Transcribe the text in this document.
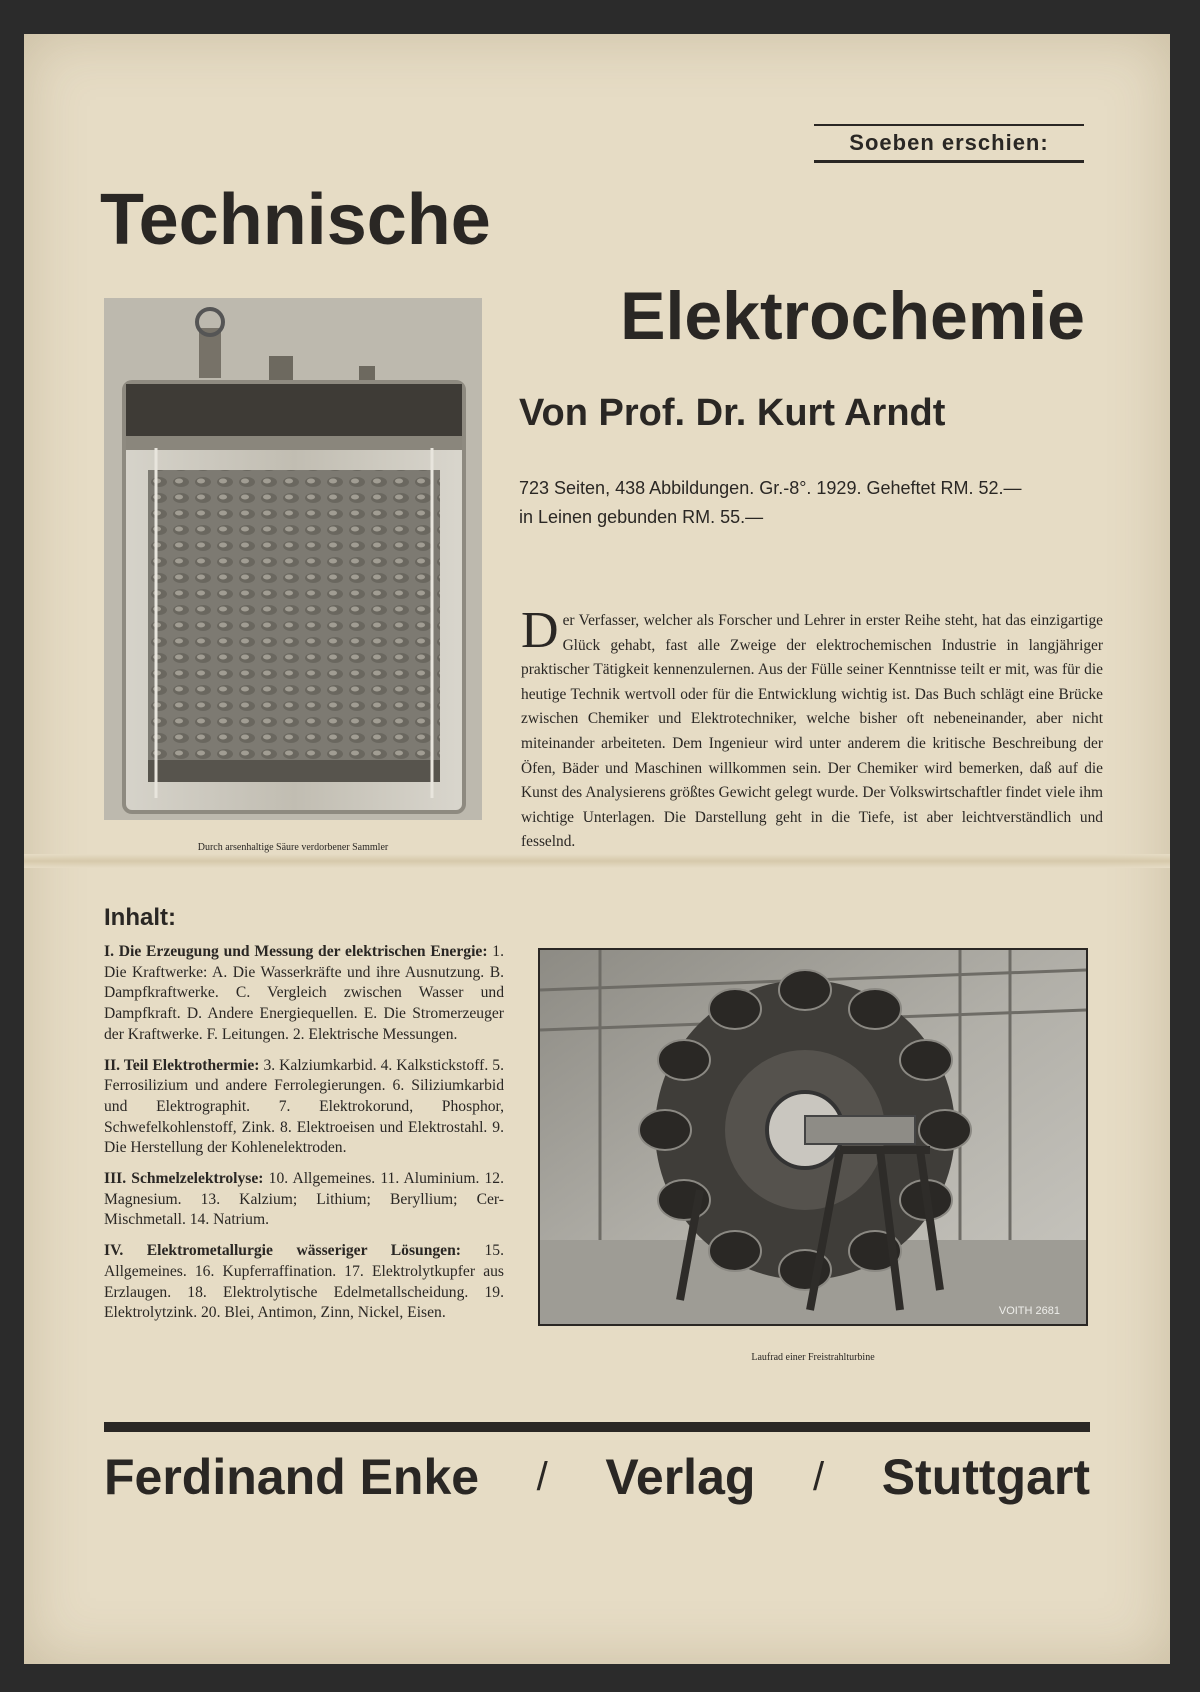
Soeben erschien:
Technische
Elektrochemie
Von Prof. Dr. Kurt Arndt
723 Seiten, 438 Abbildungen. Gr.-8°. 1929. Geheftet RM. 52.—
in Leinen gebunden RM. 55.—
Der Verfasser, welcher als Forscher und Lehrer in erster Reihe steht, hat das einzigartige Glück gehabt, fast alle Zweige der elektrochemischen Industrie in langjähriger praktischer Tätigkeit kennenzulernen. Aus der Fülle seiner Kenntnisse teilt er mit, was für die heutige Technik wertvoll oder für die Entwicklung wichtig ist. Das Buch schlägt eine Brücke zwischen Chemiker und Elektrotechniker, welche bisher oft nebeneinander, aber nicht miteinander arbeiteten. Dem Ingenieur wird unter anderem die kritische Beschreibung der Öfen, Bäder und Maschinen willkommen sein. Der Chemiker wird bemerken, daß auf die Kunst des Analysierens größtes Gewicht gelegt wurde. Der Volkswirtschaftler findet viele ihm wichtige Unterlagen. Die Darstellung geht in die Tiefe, ist aber leichtverständlich und fesselnd.
Durch arsenhaltige Säure verdorbener Sammler
Inhalt:

I. Die Erzeugung und Messung der elektrischen Energie: 1. Die Kraftwerke: A. Die Wasserkräfte und ihre Ausnutzung. B. Dampfkraftwerke. C. Vergleich zwischen Wasser und Dampfkraft. D. Andere Energiequellen. E. Die Stromerzeuger der Kraftwerke. F. Leitungen. 2. Elektrische Messungen.

II. Teil Elektrothermie: 3. Kalziumkarbid. 4. Kalkstickstoff. 5. Ferrosilizium und andere Ferrolegierungen. 6. Siliziumkarbid und Elektrographit. 7. Elektrokorund, Phosphor, Schwefelkohlenstoff, Zink. 8. Elektroeisen und Elektrostahl. 9. Die Herstellung der Kohlenelektroden.

III. Schmelzelektrolyse: 10. Allgemeines. 11. Aluminium. 12. Magnesium. 13. Kalzium; Lithium; Beryllium; Cer-Mischmetall. 14. Natrium.

IV. Elektrometallurgie wässeriger Lösungen: 15. Allgemeines. 16. Kupferraffination. 17. Elektrolytkupfer aus Erzlaugen. 18. Elektrolytische Edelmetallscheidung. 19. Elektrolytzink. 20. Blei, Antimon, Zinn, Nickel, Eisen.	VOITH 2681
Laufrad einer Freistrahlturbine
Ferdinand Enke / Verlag / Stuttgart
